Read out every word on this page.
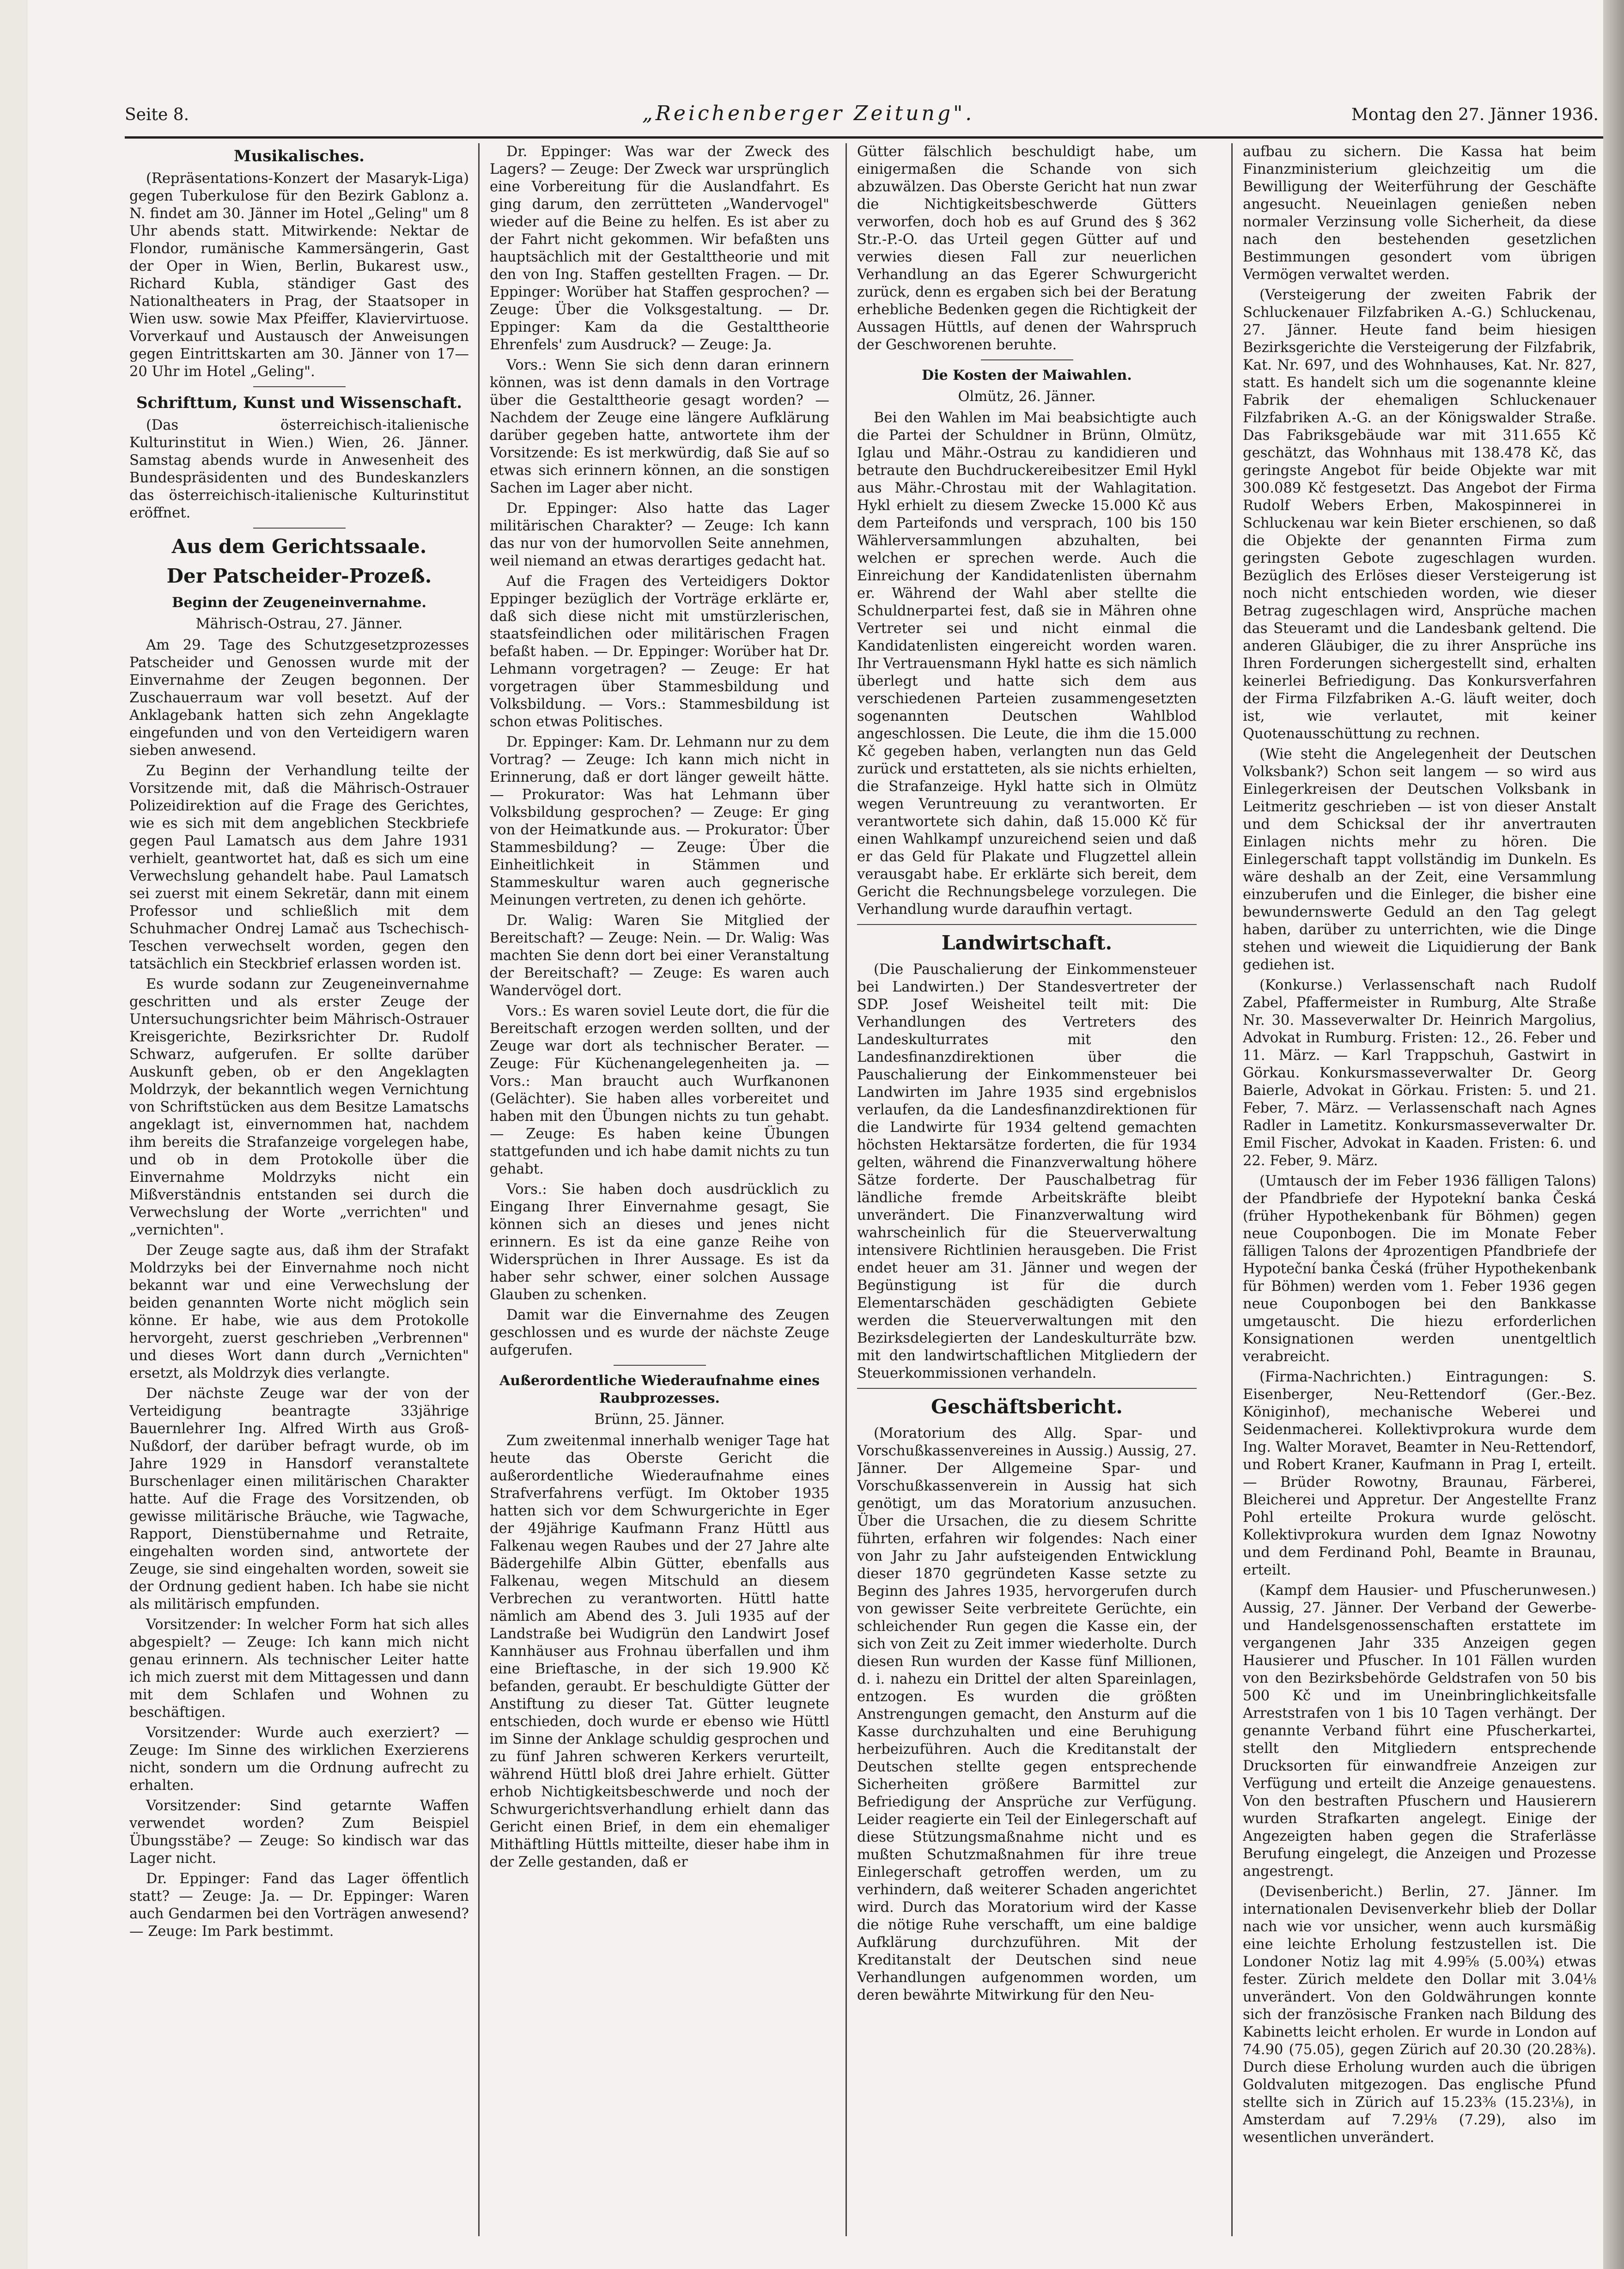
Seite 8.	„Reichenberger Zeitung".	Montag den 27. Jänner 1936.
Musikalisches.

(Repräsentations-Konzert der Masaryk-Liga) gegen Tuberkulose für den Bezirk Gablonz a. N. findet am 30. Jänner im Hotel „Geling" um 8 Uhr abends statt. Mitwirkende: Nektar de Flondor, rumänische Kammersängerin, Gast der Oper in Wien, Berlin, Bukarest usw., Richard Kubla, ständiger Gast des Nationaltheaters in Prag, der Staatsoper in Wien usw. sowie Max Pfeiffer, Klaviervirtuose. Vorverkauf und Austausch der Anweisungen gegen Eintrittskarten am 30. Jänner von 17—20 Uhr im Hotel „Geling".

Schrifttum, Kunst und Wissenschaft.

(Das österreichisch-italienische Kulturinstitut in Wien.) Wien, 26. Jänner. Samstag abends wurde in Anwesenheit des Bundespräsidenten und des Bundeskanzlers das österreichisch-italienische Kulturinstitut eröffnet.

Aus dem Gerichtssaale.
Der Patscheider-Prozeß.
Beginn der Zeugeneinvernahme.
Mährisch-Ostrau, 27. Jänner.

Am 29. Tage des Schutzgesetzprozesses Patscheider und Genossen wurde mit der Einvernahme der Zeugen begonnen. Der Zuschauerraum war voll besetzt. Auf der Anklagebank hatten sich zehn Angeklagte eingefunden und von den Verteidigern waren sieben anwesend.

Zu Beginn der Verhandlung teilte der Vorsitzende mit, daß die Mährisch-Ostrauer Polizeidirektion auf die Frage des Gerichtes, wie es sich mit dem angeblichen Steckbriefe gegen Paul Lamatsch aus dem Jahre 1931 verhielt, geantwortet hat, daß es sich um eine Verwechslung gehandelt habe. Paul Lamatsch sei zuerst mit einem Sekretär, dann mit einem Professor und schließlich mit dem Schuhmacher Ondrej Lamač aus Tschechisch-Teschen verwechselt worden, gegen den tatsächlich ein Steckbrief erlassen worden ist.

Es wurde sodann zur Zeugeneinvernahme geschritten und als erster Zeuge der Untersuchungsrichter beim Mährisch-Ostrauer Kreisgerichte, Bezirksrichter Dr. Rudolf Schwarz, aufgerufen. Er sollte darüber Auskunft geben, ob er den Angeklagten Moldrzyk, der bekanntlich wegen Vernichtung von Schriftstücken aus dem Besitze Lamatschs angeklagt ist, einvernommen hat, nachdem ihm bereits die Strafanzeige vorgelegen habe, und ob in dem Protokolle über die Einvernahme Moldrzyks nicht ein Mißverständnis entstanden sei durch die Verwechslung der Worte „verrichten" und „vernichten".

Der Zeuge sagte aus, daß ihm der Strafakt Moldrzyks bei der Einvernahme noch nicht bekannt war und eine Verwechslung der beiden genannten Worte nicht möglich sein könne. Er habe, wie aus dem Protokolle hervorgeht, zuerst geschrieben „Verbrennen" und dieses Wort dann durch „Vernichten" ersetzt, als Moldrzyk dies verlangte.

Der nächste Zeuge war der von der Verteidigung beantragte 33jährige Bauernlehrer Ing. Alfred Wirth aus Groß-Nußdorf, der darüber befragt wurde, ob im Jahre 1929 in Hansdorf veranstaltete Burschenlager einen militärischen Charakter hatte. Auf die Frage des Vorsitzenden, ob gewisse militärische Bräuche, wie Tagwache, Rapport, Dienstübernahme und Retraite, eingehalten worden sind, antwortete der Zeuge, sie sind eingehalten worden, soweit sie der Ordnung gedient haben. Ich habe sie nicht als militärisch empfunden.

Vorsitzender: In welcher Form hat sich alles abgespielt? — Zeuge: Ich kann mich nicht genau erinnern. Als technischer Leiter hatte ich mich zuerst mit dem Mittagessen und dann mit dem Schlafen und Wohnen zu beschäftigen.

Vorsitzender: Wurde auch exerziert? — Zeuge: Im Sinne des wirklichen Exerzierens nicht, sondern um die Ordnung aufrecht zu erhalten.

Vorsitzender: Sind getarnte Waffen verwendet worden? Zum Beispiel Übungsstäbe? — Zeuge: So kindisch war das Lager nicht.

Dr. Eppinger: Fand das Lager öffentlich statt? — Zeuge: Ja. — Dr. Eppinger: Waren auch Gendarmen bei den Vorträgen anwesend? — Zeuge: Im Park bestimmt.

Dr. Eppinger: Was war der Zweck des Lagers? — Zeuge: Der Zweck war ursprünglich eine Vorbereitung für die Auslandfahrt. Es ging darum, den zerrütteten „Wandervogel" wieder auf die Beine zu helfen. Es ist aber zu der Fahrt nicht gekommen. Wir befaßten uns hauptsächlich mit der Gestalttheorie und mit den von Ing. Staffen gestellten Fragen. — Dr. Eppinger: Worüber hat Staffen gesprochen? — Zeuge: Über die Volksgestaltung. — Dr. Eppinger: Kam da die Gestalttheorie Ehrenfels' zum Ausdruck? — Zeuge: Ja.

Vors.: Wenn Sie sich denn daran erinnern können, was ist denn damals in den Vortrage über die Gestalttheorie gesagt worden? — Nachdem der Zeuge eine längere Aufklärung darüber gegeben hatte, antwortete ihm der Vorsitzende: Es ist merkwürdig, daß Sie auf so etwas sich erinnern können, an die sonstigen Sachen im Lager aber nicht.

Dr. Eppinger: Also hatte das Lager militärischen Charakter? — Zeuge: Ich kann das nur von der humorvollen Seite annehmen, weil niemand an etwas derartiges gedacht hat.

Auf die Fragen des Verteidigers Doktor Eppinger bezüglich der Vorträge erklärte er, daß sich diese nicht mit umstürzlerischen, staatsfeindlichen oder militärischen Fragen befaßt haben. — Dr. Eppinger: Worüber hat Dr. Lehmann vorgetragen? — Zeuge: Er hat vorgetragen über Stammesbildung und Volksbildung. — Vors.: Stammesbildung ist schon etwas Politisches.

Dr. Eppinger: Kam. Dr. Lehmann nur zu dem Vortrag? — Zeuge: Ich kann mich nicht in Erinnerung, daß er dort länger geweilt hätte. — Prokurator: Was hat Lehmann über Volksbildung gesprochen? — Zeuge: Er ging von der Heimatkunde aus. — Prokurator: Über Stammesbildung? — Zeuge: Über die Einheitlichkeit in Stämmen und Stammeskultur waren auch gegnerische Meinungen vertreten, zu denen ich gehörte.

Dr. Walig: Waren Sie Mitglied der Bereitschaft? — Zeuge: Nein. — Dr. Walig: Was machten Sie denn dort bei einer Veranstaltung der Bereitschaft? — Zeuge: Es waren auch Wandervögel dort.

Vors.: Es waren soviel Leute dort, die für die Bereitschaft erzogen werden sollten, und der Zeuge war dort als technischer Berater. — Zeuge: Für Küchenangelegenheiten ja. — Vors.: Man braucht auch Wurfkanonen (Gelächter). Sie haben alles vorbereitet und haben mit den Übungen nichts zu tun gehabt. — Zeuge: Es haben keine Übungen stattgefunden und ich habe damit nichts zu tun gehabt.

Vors.: Sie haben doch ausdrücklich zu Eingang Ihrer Einvernahme gesagt, Sie können sich an dieses und jenes nicht erinnern. Es ist da eine ganze Reihe von Widersprüchen in Ihrer Aussage. Es ist da haber sehr schwer, einer solchen Aussage Glauben zu schenken.

Damit war die Einvernahme des Zeugen geschlossen und es wurde der nächste Zeuge aufgerufen.

Außerordentliche Wiederaufnahme eines Raubprozesses.
Brünn, 25. Jänner.

Zum zweitenmal innerhalb weniger Tage hat heute das Oberste Gericht die außerordentliche Wiederaufnahme eines Strafverfahrens verfügt. Im Oktober 1935 hatten sich vor dem Schwurgerichte in Eger der 49jährige Kaufmann Franz Hüttl aus Falkenau wegen Raubes und der 27 Jahre alte Bädergehilfe Albin Gütter, ebenfalls aus Falkenau, wegen Mitschuld an diesem Verbrechen zu verantworten. Hüttl hatte nämlich am Abend des 3. Juli 1935 auf der Landstraße bei Wudigrün den Landwirt Josef Kannhäuser aus Frohnau überfallen und ihm eine Brieftasche, in der sich 19.900 Kč befanden, geraubt. Er beschuldigte Gütter der Anstiftung zu dieser Tat. Gütter leugnete entschieden, doch wurde er ebenso wie Hüttl im Sinne der Anklage schuldig gesprochen und zu fünf Jahren schweren Kerkers verurteilt, während Hüttl bloß drei Jahre erhielt. Gütter erhob Nichtigkeitsbeschwerde und noch der Schwurgerichtsverhandlung erhielt dann das Gericht einen Brief, in dem ein ehemaliger Mithäftling Hüttls mitteilte, dieser habe ihm in der Zelle gestanden, daß er

Gütter fälschlich beschuldigt habe, um einigermaßen die Schande von sich abzuwälzen. Das Oberste Gericht hat nun zwar die Nichtigkeitsbeschwerde Gütters verworfen, doch hob es auf Grund des § 362 Str.-P.-O. das Urteil gegen Gütter auf und verwies diesen Fall zur neuerlichen Verhandlung an das Egerer Schwurgericht zurück, denn es ergaben sich bei der Beratung erhebliche Bedenken gegen die Richtigkeit der Aussagen Hüttls, auf denen der Wahrspruch der Geschworenen beruhte.

Die Kosten der Maiwahlen.
Olmütz, 26. Jänner.

Bei den Wahlen im Mai beabsichtigte auch die Partei der Schuldner in Brünn, Olmütz, Iglau und Mähr.-Ostrau zu kandidieren und betraute den Buchdruckereibesitzer Emil Hykl aus Mähr.-Chrostau mit der Wahlagitation. Hykl erhielt zu diesem Zwecke 15.000 Kč aus dem Parteifonds und versprach, 100 bis 150 Wählerversammlungen abzuhalten, bei welchen er sprechen werde. Auch die Einreichung der Kandidatenlisten übernahm er. Während der Wahl aber stellte die Schuldnerpartei fest, daß sie in Mähren ohne Vertreter sei und nicht einmal die Kandidatenlisten eingereicht worden waren. Ihr Vertrauensmann Hykl hatte es sich nämlich überlegt und hatte sich dem aus verschiedenen Parteien zusammengesetzten sogenannten Deutschen Wahlblod angeschlossen. Die Leute, die ihm die 15.000 Kč gegeben haben, verlangten nun das Geld zurück und erstatteten, als sie nichts erhielten, die Strafanzeige. Hykl hatte sich in Olmütz wegen Veruntreuung zu verantworten. Er verantwortete sich dahin, daß 15.000 Kč für einen Wahlkampf unzureichend seien und daß er das Geld für Plakate und Flugzettel allein verausgabt habe. Er erklärte sich bereit, dem Gericht die Rechnungsbelege vorzulegen. Die Verhandlung wurde daraufhin vertagt.

Landwirtschaft.

(Die Pauschalierung der Einkommensteuer bei Landwirten.) Der Standesvertreter der SDP. Josef Weisheitel teilt mit: Die Verhandlungen des Vertreters des Landeskulturrates mit den Landesfinanzdirektionen über die Pauschalierung der Einkommensteuer bei Landwirten im Jahre 1935 sind ergebnislos verlaufen, da die Landesfinanzdirektionen für die Landwirte für 1934 geltend gemachten höchsten Hektarsätze forderten, die für 1934 gelten, während die Finanzverwaltung höhere Sätze forderte. Der Pauschalbetrag für ländliche fremde Arbeitskräfte bleibt unverändert. Die Finanzverwaltung wird wahrscheinlich für die Steuerverwaltung intensivere Richtlinien herausgeben. Die Frist endet heuer am 31. Jänner und wegen der Begünstigung ist für die durch Elementarschäden geschädigten Gebiete werden die Steuerverwaltungen mit den Bezirksdelegierten der Landeskulturräte bzw. mit den landwirtschaftlichen Mitgliedern der Steuerkommissionen verhandeln.

Geschäftsbericht.

(Moratorium des Allg. Spar- und Vorschußkassenvereines in Aussig.) Aussig, 27. Jänner. Der Allgemeine Spar- und Vorschußkassenverein in Aussig hat sich genötigt, um das Moratorium anzusuchen. Über die Ursachen, die zu diesem Schritte führten, erfahren wir folgendes: Nach einer von Jahr zu Jahr aufsteigenden Entwicklung dieser 1870 gegründeten Kasse setzte zu Beginn des Jahres 1935, hervorgerufen durch von gewisser Seite verbreitete Gerüchte, ein schleichender Run gegen die Kasse ein, der sich von Zeit zu Zeit immer wiederholte. Durch diesen Run wurden der Kasse fünf Millionen, d. i. nahezu ein Drittel der alten Spareinlagen, entzogen. Es wurden die größten Anstrengungen gemacht, den Ansturm auf die Kasse durchzuhalten und eine Beruhigung herbeizuführen. Auch die Kreditanstalt der Deutschen stellte gegen entsprechende Sicherheiten größere Barmittel zur Befriedigung der Ansprüche zur Verfügung. Leider reagierte ein Teil der Einlegerschaft auf diese Stützungsmaßnahme nicht und es mußten Schutzmaßnahmen für ihre treue Einlegerschaft getroffen werden, um zu verhindern, daß weiterer Schaden angerichtet wird. Durch das Moratorium wird der Kasse die nötige Ruhe verschafft, um eine baldige Aufklärung durchzuführen. Mit der Kreditanstalt der Deutschen sind neue Verhandlungen aufgenommen worden, um deren bewährte Mitwirkung für den Neu-

aufbau zu sichern. Die Kassa hat beim Finanzministerium gleichzeitig um die Bewilligung der Weiterführung der Geschäfte angesucht. Neueinlagen genießen neben normaler Verzinsung volle Sicherheit, da diese nach den bestehenden gesetzlichen Bestimmungen gesondert vom übrigen Vermögen verwaltet werden.

(Versteigerung der zweiten Fabrik der Schluckenauer Filzfabriken A.-G.) Schluckenau, 27. Jänner. Heute fand beim hiesigen Bezirksgerichte die Versteigerung der Filzfabrik, Kat. Nr. 697, und des Wohnhauses, Kat. Nr. 827, statt. Es handelt sich um die sogenannte kleine Fabrik der ehemaligen Schluckenauer Filzfabriken A.-G. an der Königswalder Straße. Das Fabriksgebäude war mit 311.655 Kč geschätzt, das Wohnhaus mit 138.478 Kč, das geringste Angebot für beide Objekte war mit 300.089 Kč festgesetzt. Das Angebot der Firma Rudolf Webers Erben, Makospinnerei in Schluckenau war kein Bieter erschienen, so daß die Objekte der genannten Firma zum geringsten Gebote zugeschlagen wurden. Bezüglich des Erlöses dieser Versteigerung ist noch nicht entschieden worden, wie dieser Betrag zugeschlagen wird, Ansprüche machen das Steueramt und die Landesbank geltend. Die anderen Gläubiger, die zu ihrer Ansprüche ins Ihren Forderungen sichergestellt sind, erhalten keinerlei Befriedigung. Das Konkursverfahren der Firma Filzfabriken A.-G. läuft weiter, doch ist, wie verlautet, mit keiner Quotenausschüttung zu rechnen.

(Wie steht die Angelegenheit der Deutschen Volksbank?) Schon seit langem — so wird aus Einlegerkreisen der Deutschen Volksbank in Leitmeritz geschrieben — ist von dieser Anstalt und dem Schicksal der ihr anvertrauten Einlagen nichts mehr zu hören. Die Einlegerschaft tappt vollständig im Dunkeln. Es wäre deshalb an der Zeit, eine Versammlung einzuberufen und die Einleger, die bisher eine bewundernswerte Geduld an den Tag gelegt haben, darüber zu unterrichten, wie die Dinge stehen und wieweit die Liquidierung der Bank gediehen ist.

(Konkurse.) Verlassenschaft nach Rudolf Zabel, Pfaffermeister in Rumburg, Alte Straße Nr. 30. Masseverwalter Dr. Heinrich Margolius, Advokat in Rumburg. Fristen: 12., 26. Feber und 11. März. — Karl Trappschuh, Gastwirt in Görkau. Konkursmasseverwalter Dr. Georg Baierle, Advokat in Görkau. Fristen: 5. und 21. Feber, 7. März. — Verlassenschaft nach Agnes Radler in Lametitz. Konkursmasseverwalter Dr. Emil Fischer, Advokat in Kaaden. Fristen: 6. und 22. Feber, 9. März.

(Umtausch der im Feber 1936 fälligen Talons) der Pfandbriefe der Hypotekní banka Česká (früher Hypothekenbank für Böhmen) gegen neue Couponbogen. Die im Monate Feber fälligen Talons der 4prozentigen Pfandbriefe der Hypoteční banka Česká (früher Hypothekenbank für Böhmen) werden vom 1. Feber 1936 gegen neue Couponbogen bei den Bankkasse umgetauscht. Die hiezu erforderlichen Konsignationen werden unentgeltlich verabreicht.

(Firma-Nachrichten.) Eintragungen: S. Eisenberger, Neu-Rettendorf (Ger.-Bez. Königinhof), mechanische Weberei und Seidenmacherei. Kollektivprokura wurde dem Ing. Walter Moravet, Beamter in Neu-Rettendorf, und Robert Kraner, Kaufmann in Prag I, erteilt. — Brüder Rowotny, Braunau, Färberei, Bleicherei und Appretur. Der Angestellte Franz Pohl erteilte Prokura wurde gelöscht. Kollektivprokura wurden dem Ignaz Nowotny und dem Ferdinand Pohl, Beamte in Braunau, erteilt.

(Kampf dem Hausier- und Pfuscherunwesen.) Aussig, 27. Jänner. Der Verband der Gewerbe- und Handelsgenossenschaften erstattete im vergangenen Jahr 335 Anzeigen gegen Hausierer und Pfuscher. In 101 Fällen wurden von den Bezirksbehörde Geldstrafen von 50 bis 500 Kč und im Uneinbringlichkeitsfalle Arreststrafen von 1 bis 10 Tagen verhängt. Der genannte Verband führt eine Pfuscherkartei, stellt den Mitgliedern entsprechende Drucksorten für einwandfreie Anzeigen zur Verfügung und erteilt die Anzeige genauestens. Von den bestraften Pfuschern und Hausierern wurden Strafkarten angelegt. Einige der Angezeigten haben gegen die Straferlässe Berufung eingelegt, die Anzeigen und Prozesse angestrengt.

(Devisenbericht.) Berlin, 27. Jänner. Im internationalen Devisenverkehr blieb der Dollar nach wie vor unsicher, wenn auch kursmäßig eine leichte Erholung festzustellen ist. Die Londoner Notiz lag mit 4.99⅝ (5.00¾) etwas fester. Zürich meldete den Dollar mit 3.04⅛ unverändert. Von den Goldwährungen konnte sich der französische Franken nach Bildung des Kabinetts leicht erholen. Er wurde in London auf 74.90 (75.05), gegen Zürich auf 20.30 (20.28⅜). Durch diese Erholung wurden auch die übrigen Goldvaluten mitgezogen. Das englische Pfund stellte sich in Zürich auf 15.23⅜ (15.23⅛), in Amsterdam auf 7.29⅛ (7.29), also im wesentlichen unverändert.
